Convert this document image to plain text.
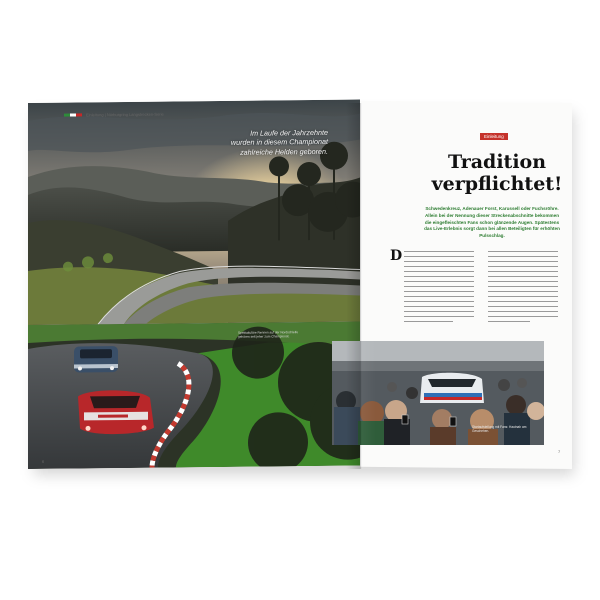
Einleitung | Nürburgring Langstrecken-Serie
Im Laufe der Jahrzehnte
wurden in diesem Championat
zahlreiche Helden geboren.
Spektakuläre Rennen auf der Nordschleife gehören seit jeher zum Championat.
6
Einleitung
Tradition
verpflichtet!
Schwedenkreuz, Adenauer Forst, Karussell oder Fuchsröhre. Allein bei der Nennung dieser Streckenabschnitte bekommen die eingefleischten Fans schon glänzende Augen. Spätestens das Live-Erlebnis sorgt dann bei allen Beteiligten für erhöhten Pulsschlag.
D
7
Startaufstellung mit Fans: Hautnah am Geschehen.
